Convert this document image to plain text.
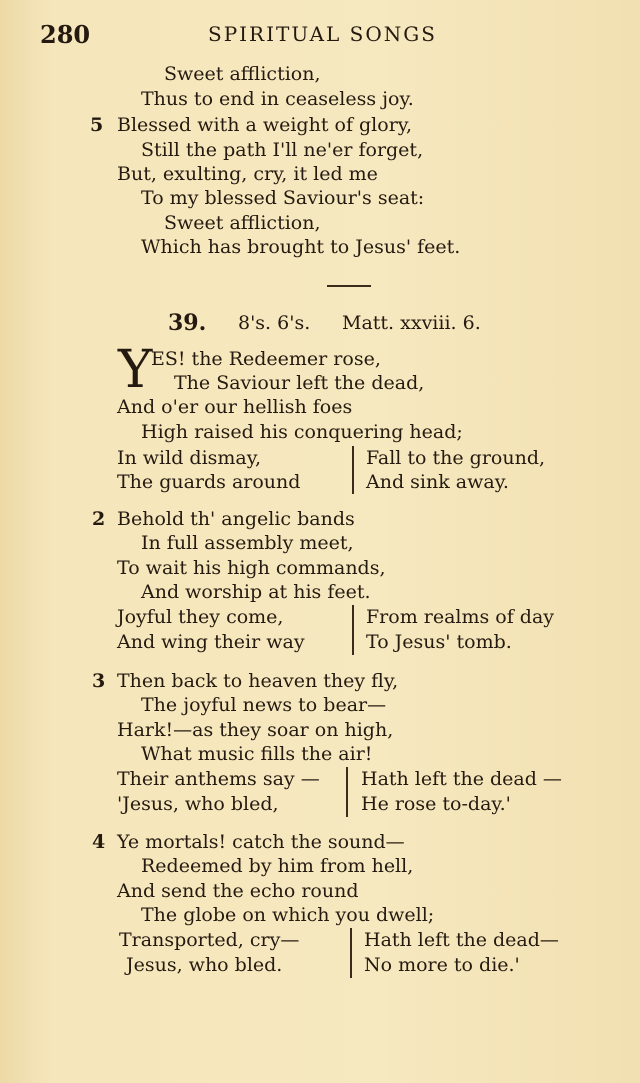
280	SPIRITUAL SONGS
Sweet affliction,
Thus to end in ceaseless joy.
5 Blessed with a weight of glory,
Still the path I'll ne'er forget,
But, exulting, cry, it led me
To my blessed Saviour's seat:
Sweet affliction,
Which has brought to Jesus' feet.
39. 8's. 6's. Matt. xxviii. 6.
Y
ES! the Redeemer rose,
The Saviour left the dead,
And o'er our hellish foes
High raised his conquering head;
In wild dismay,
The guards around
Fall to the ground,
And sink away.
2 Behold th' angelic bands
In full assembly meet,
To wait his high commands,
And worship at his feet.
Joyful they come,
And wing their way
From realms of day
To Jesus' tomb.
3 Then back to heaven they fly,
The joyful news to bear—
Hark!—as they soar on high,
What music fills the air!
Their anthems say —
'Jesus, who bled,
Hath left the dead —
He rose to-day.'
4 Ye mortals! catch the sound—
Redeemed by him from hell,
And send the echo round
The globe on which you dwell;
Transported, cry—
Jesus, who bled.
Hath left the dead—
No more to die.'
